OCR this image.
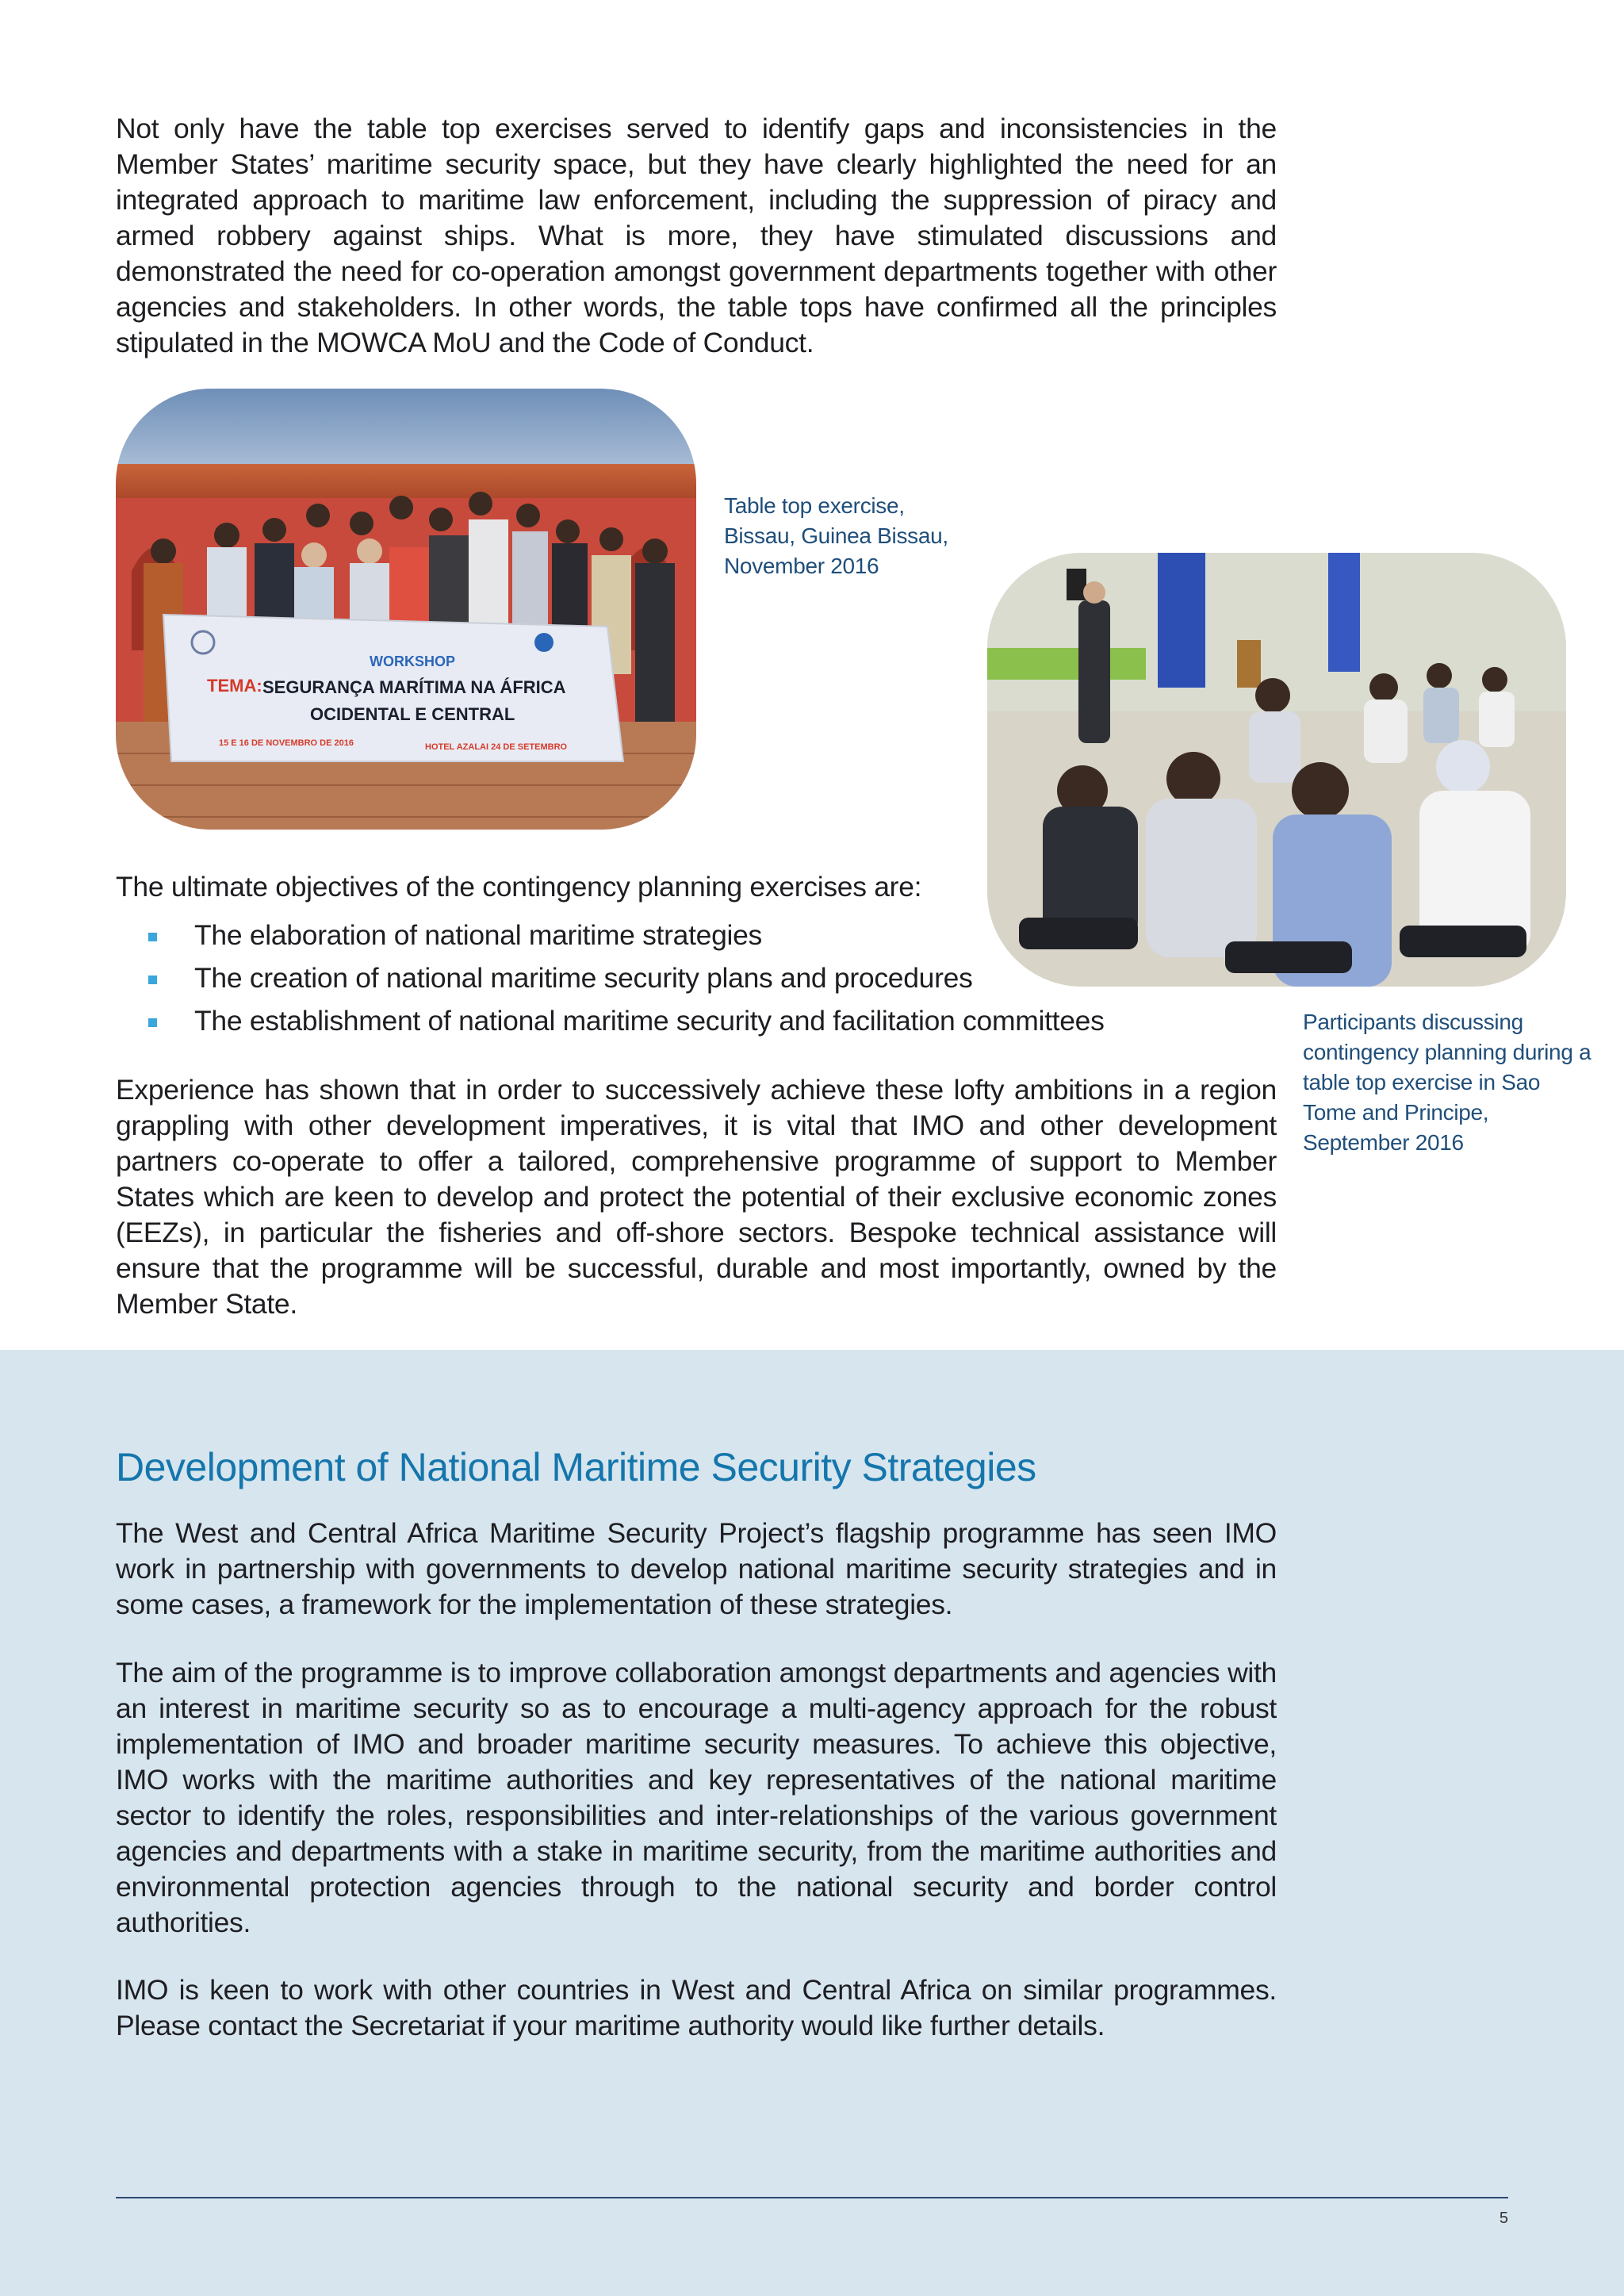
Not only have the table top exercises served to identify gaps and inconsistencies in the Member States’ maritime security space, but they have clearly highlighted the need for an integrated approach to maritime law enforcement, including the suppression of piracy and armed robbery against ships. What is more, they have stimulated discussions and demonstrated the need for co-operation amongst government departments together with other agencies and stakeholders. In other words, the table tops have confirmed all the principles stipulated in the MOWCA MoU and the Code of Conduct.

WORKSHOP
TEMA: SEGURANÇA MARÍTIMA NA ÁFRICA
OCIDENTAL E CENTRAL
15 E 16 DE NOVEMBRO DE 2016	HOTEL AZALAI 24 DE SETEMBRO

Table top exercise, Bissau, Guinea Bissau, November 2016

Participants discussing contingency planning during a table top exercise in Sao Tome and Principe, September 2016

The ultimate objectives of the contingency planning exercises are:

The elaboration of national maritime strategies
The creation of national maritime security plans and procedures
The establishment of national maritime security and facilitation committees

Experience has shown that in order to successively achieve these lofty ambitions in a region grappling with other development imperatives, it is vital that IMO and other development partners co-operate to offer a tailored, comprehensive programme of support to Member States which are keen to develop and protect the potential of their exclusive economic zones (EEZs), in particular the fisheries and off-shore sectors. Bespoke technical assistance will ensure that the programme will be successful, durable and most importantly, owned by the Member State.

Development of National Maritime Security Strategies

The West and Central Africa Maritime Security Project’s flagship programme has seen IMO work in partnership with governments to develop national maritime security strategies and in some cases, a framework for the implementation of these strategies.

The aim of the programme is to improve collaboration amongst departments and agencies with an interest in maritime security so as to encourage a multi-agency approach for the robust implementation of IMO and broader maritime security measures. To achieve this objective, IMO works with the maritime authorities and key representatives of the national maritime sector to identify the roles, responsibilities and inter-relationships of the various government agencies and departments with a stake in maritime security, from the maritime authorities and environmental protection agencies through to the national security and border control authorities.

IMO is keen to work with other countries in West and Central Africa on similar programmes. Please contact the Secretariat if your maritime authority would like further details.

5
